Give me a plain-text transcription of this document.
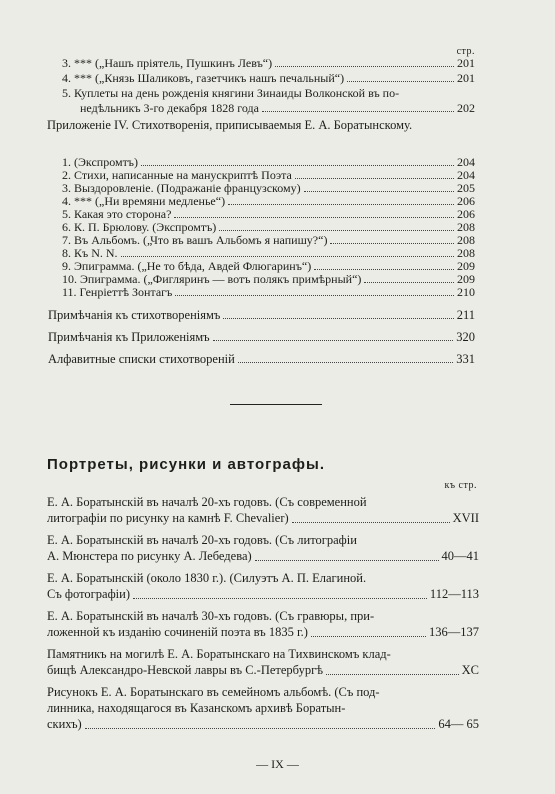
стр.
3. *** („Нашъ пріятель, Пушкинъ Левъ“)	201
4. *** („Князь Шаликовъ, газетчикъ нашъ печальный“)	201
5. Куплеты на день рожденія княгини Зинаиды Волконской въ по-
недѣльникъ 3-го декабря 1828 года	202
Приложеніе IV. Стихотворенія, приписываемыя Е. А. Боратынскому.
1. (Экспромтъ)	204
2. Стихи, написанные на манускриптѣ Поэта	204
3. Выздоровленіе. (Подражаніе французскому)	205
4. *** („Ни времяни медленье“)	206
5. Какая это сторона?	206
6. К. П. Брюлову. (Экспромтъ)	208
7. Въ Альбомъ. („Что въ вашъ Альбомъ я напишу?“)	208
8. Къ N. N.	208
9. Эпиграмма. („Не то бѣда, Авдей Флюгаринъ“)	209
10. Эпиграмма. („Фигляринъ — вотъ полякъ примѣрный“)	209
11. Генріеттѣ Зонтагъ	210
Примѣчанія къ стихотвореніямъ	211
Примѣчанія къ Приложеніямъ	320
Алфавитные списки стихотвореній	331
Портреты, рисунки и автографы.
къ стр.
Е. А. Боратынскій въ началѣ 20-хъ годовъ. (Съ современной
литографіи по рисунку на камнѣ F. Chevalier)	XVII
Е. А. Боратынскій въ началѣ 20-хъ годовъ. (Съ литографіи
А. Мюнстера по рисунку А. Лебедева)	40—41
Е. А. Боратынскій (около 1830 г.). (Силуэтъ А. П. Елагиной.
Съ фотографіи)	112—113
Е. А. Боратынскій въ началѣ 30-хъ годовъ. (Съ гравюры, при-
ложенной къ изданію сочиненій поэта въ 1835 г.)	136—137
Памятникъ на могилѣ Е. А. Боратынскаго на Тихвинскомъ клад-
бищѣ Александро-Невской лавры въ С.-Петербургѣ	XC
Рисунокъ Е. А. Боратынскаго въ семейномъ альбомѣ. (Съ под-
линника, находящагося въ Казанскомъ архивѣ Боратын-
скихъ)	64— 65
— IX —
